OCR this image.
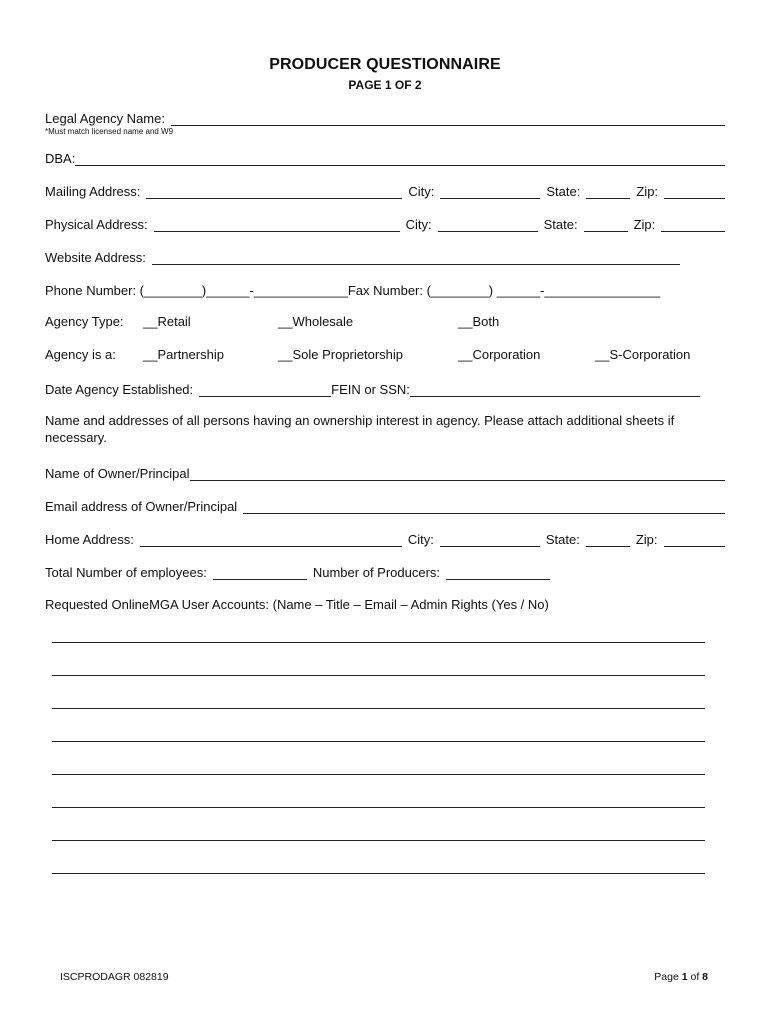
PRODUCER QUESTIONNAIRE
PAGE 1 OF 2
Legal Agency Name:
*Must match licensed name and W9
DBA:
Mailing Address:	City:	State:	Zip:
Physical Address:	City:	State:	Zip:
Website Address:
Phone Number: (________)______-_____________ Fax Number: (________) ______-________________
Agency Type: __Retail	__Wholesale	__Both
Agency is a: __Partnership	__Sole Proprietorship	__Corporation	__S-Corporation
Date Agency Established:	FEIN or SSN:
Name and addresses of all persons having an ownership interest in agency. Please attach additional sheets if necessary.
Name of Owner/Principal
Email address of Owner/Principal
Home Address:	City:	State:	Zip:
Total Number of employees:	Number of Producers:
Requested OnlineMGA User Accounts: (Name – Title – Email – Admin Rights (Yes / No)
ISCPRODAGR 082819	Page 1 of 8
